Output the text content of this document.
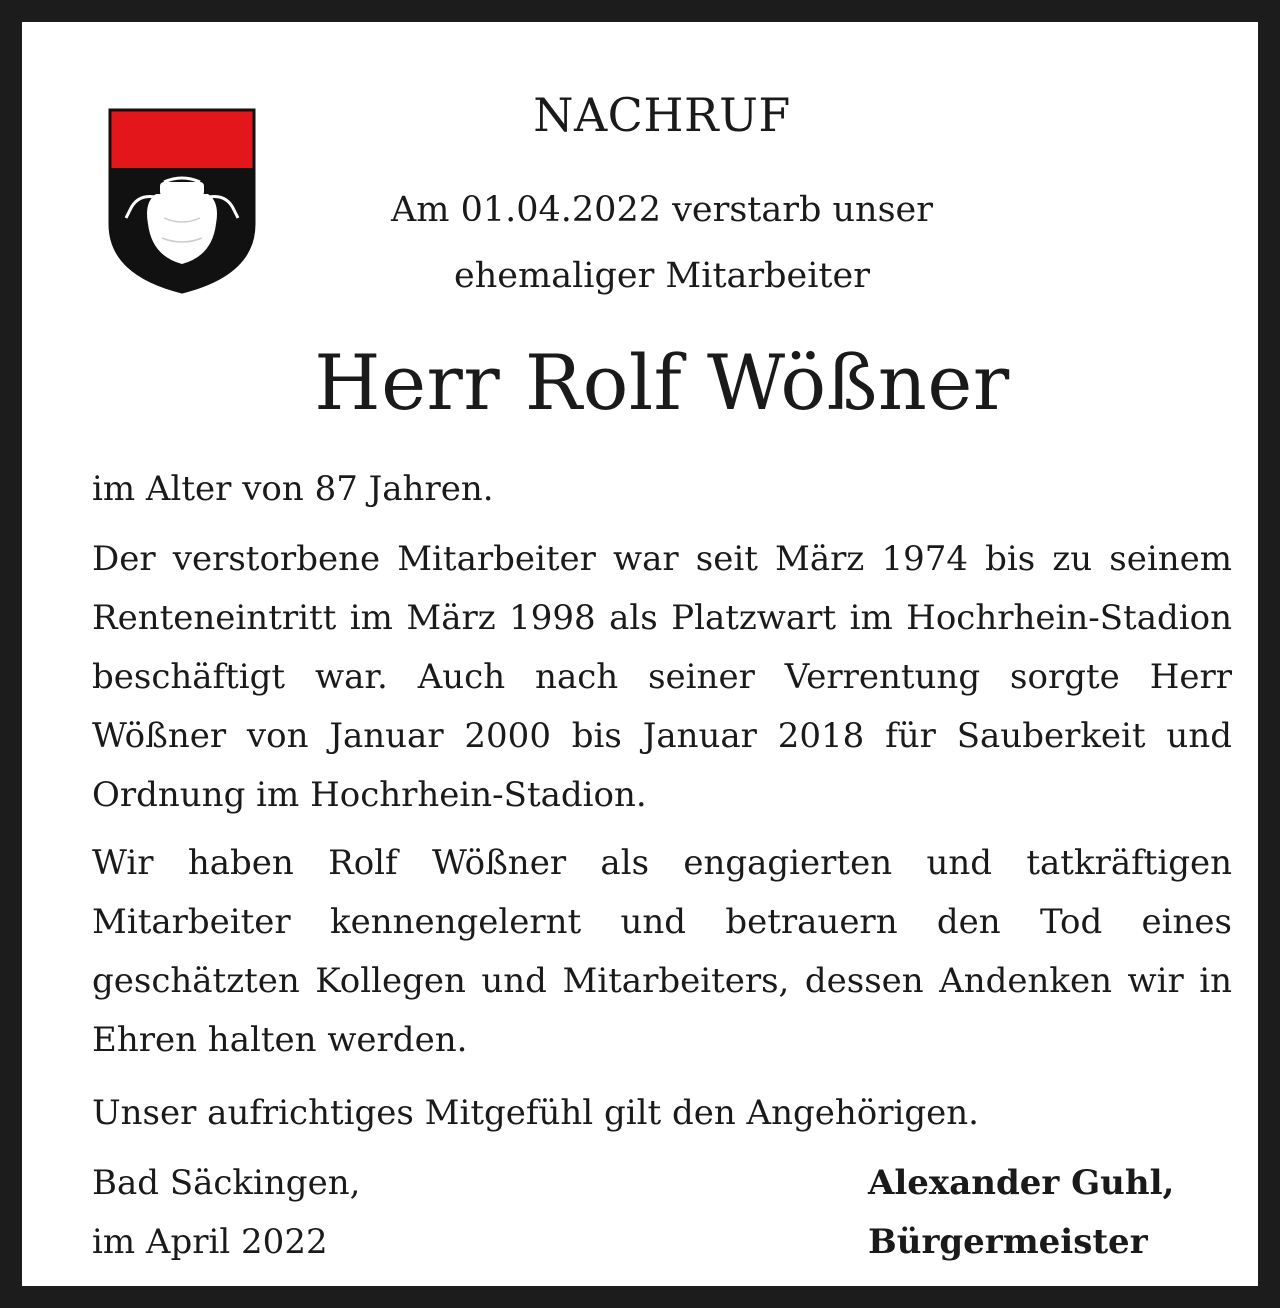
NACHRUF
Am 01.04.2022 verstarb unser
ehemaliger Mitarbeiter
Herr Rolf Wößner

im Alter von 87 Jahren.

Der verstorbene Mitarbeiter war seit März 1974 bis zu seinem Renteneintritt im März 1998 als Platzwart im Hochrhein-Stadion beschäftigt war. Auch nach seiner Verrentung sorgte Herr Wößner von Januar 2000 bis Januar 2018 für Sauberkeit und Ordnung im Hochrhein-Stadion.

Wir haben Rolf Wößner als engagierten und tatkräftigen Mitarbeiter kennengelernt und betrauern den Tod eines geschätzten Kollegen und Mitarbeiters, dessen Andenken wir in Ehren halten werden.

Unser aufrichtiges Mitgefühl gilt den Angehörigen.

Bad Säckingen,
im April 2022
Alexander Guhl,
Bürgermeister
